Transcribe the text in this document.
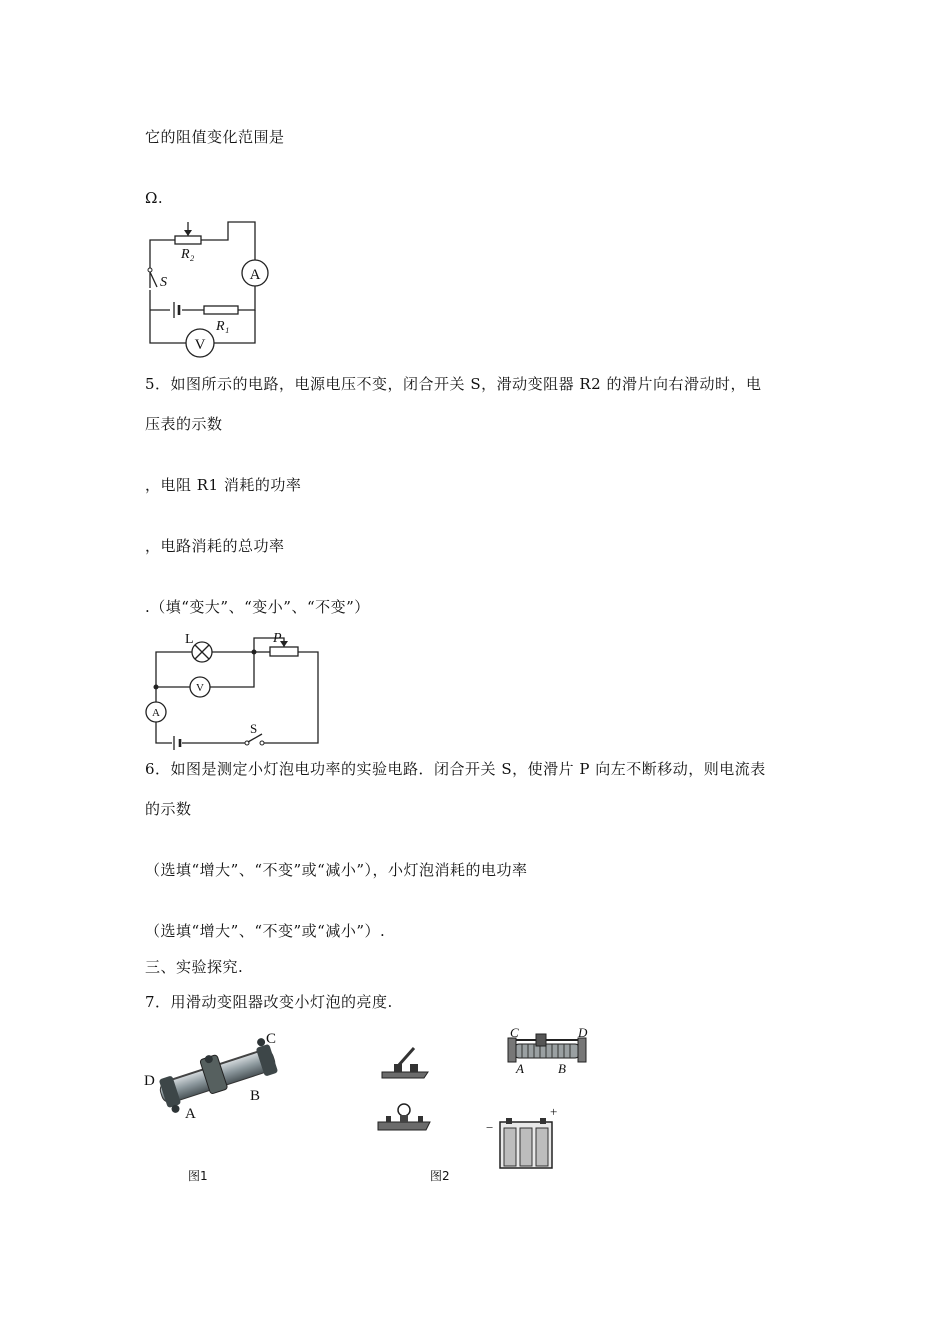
它的阻值变化范围是
Ω.
A
V
R₂
R₁
S
5．如图所示的电路，电源电压不变，闭合开关 S，滑动变阻器 R2 的滑片向右滑动时，电
压表的示数
，电阻 R1 消耗的功率
，电路消耗的总功率
.（填“变大”、“变小”、“不变”）
L	P
S
V
A
6．如图是测定小灯泡电功率的实验电路．闭合开关 S，使滑片 P 向左不断移动，则电流表
的示数
（选填“增大”、“不变”或“减小”），小灯泡消耗的电功率
（选填“增大”、“不变”或“减小”）.
三、实验探究.
7．用滑动变阻器改变小灯泡的亮度.
C
D
B
A
图1
C	D
A	B
+
−
图2
